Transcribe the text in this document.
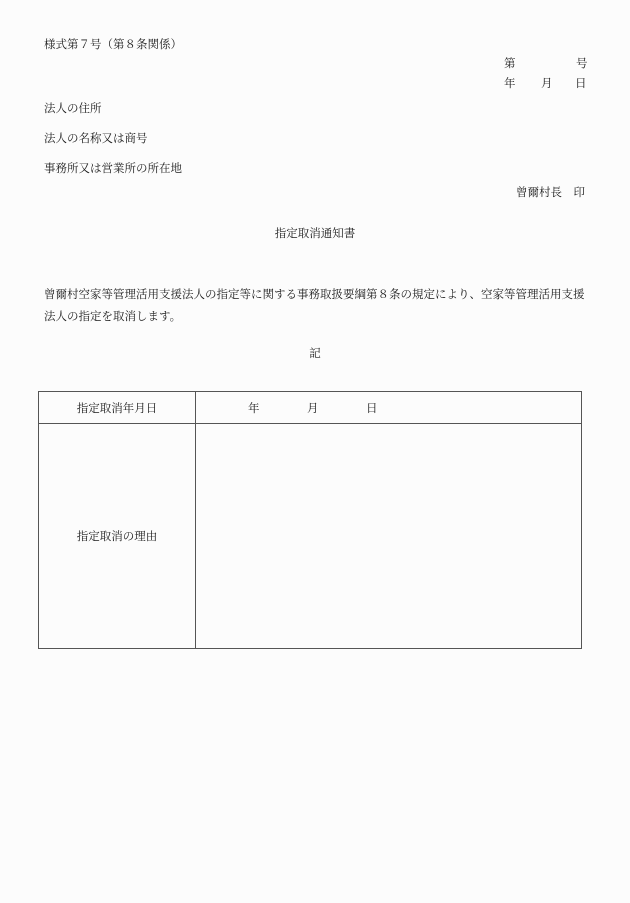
様式第７号（第８条関係）
第	号
年 月 日
法人の住所
法人の名称又は商号
事務所又は営業所の所在地
曾爾村長　印
指定取消通知書
曾爾村空家等管理活用支援法人の指定等に関する事務取扱要綱第８条の規定により、空家等管理活用支援法人の指定を取消します。
記
指定取消年月日	年 月 日

指定取消の理由	
